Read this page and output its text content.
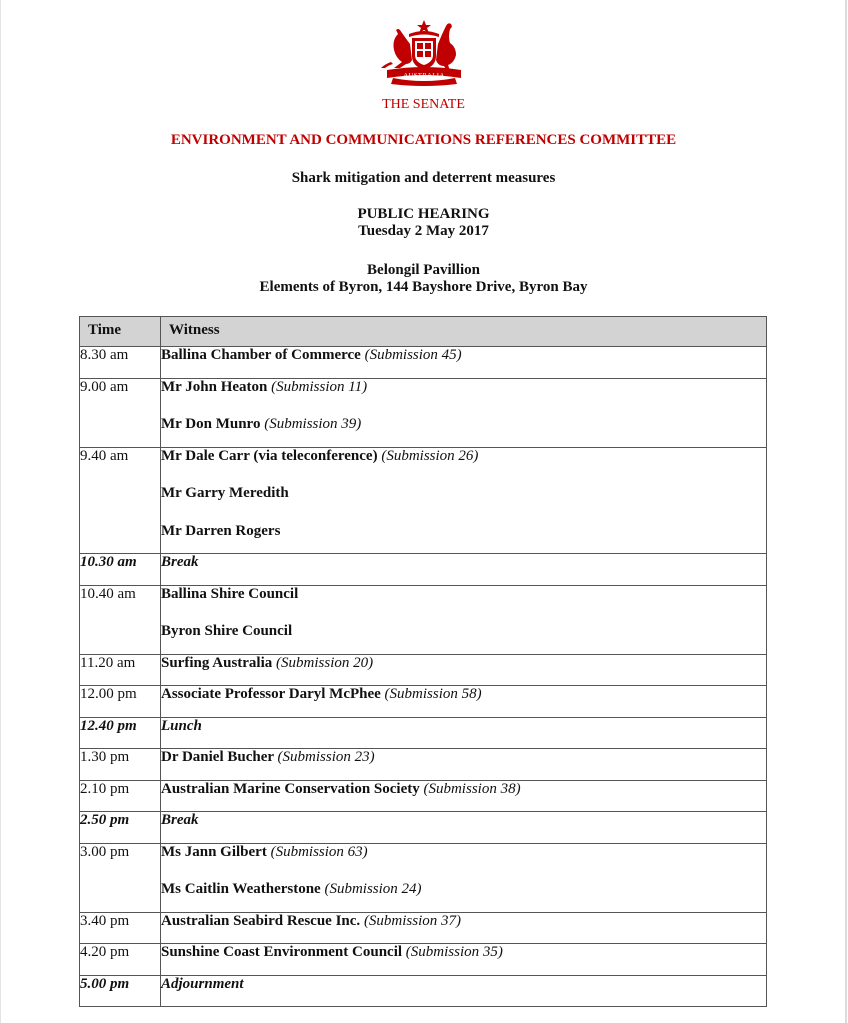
AUSTRALIA
THE SENATE
ENVIRONMENT AND COMMUNICATIONS REFERENCES COMMITTEE
Shark mitigation and deterrent measures
PUBLIC HEARING
Tuesday 2 May 2017
Belongil Pavillion
Elements of Byron, 144 Bayshore Drive, Byron Bay
Time	Witness
8.30 am	Ballina Chamber of Commerce (Submission 45)

9.00 am	Mr John Heaton (Submission 11)
Mr Don Munro (Submission 39)

9.40 am	Mr Dale Carr (via teleconference) (Submission 26)
Mr Garry Meredith
Mr Darren Rogers

10.30 am	Break

10.40 am	Ballina Shire Council
Byron Shire Council

11.20 am	Surfing Australia (Submission 20)

12.00 pm	Associate Professor Daryl McPhee (Submission 58)

12.40 pm	Lunch

1.30 pm	Dr Daniel Bucher (Submission 23)

2.10 pm	Australian Marine Conservation Society (Submission 38)

2.50 pm	Break

3.00 pm	Ms Jann Gilbert (Submission 63)
Ms Caitlin Weatherstone (Submission 24)

3.40 pm	Australian Seabird Rescue Inc. (Submission 37)

4.20 pm	Sunshine Coast Environment Council (Submission 35)

5.00 pm	Adjournment
